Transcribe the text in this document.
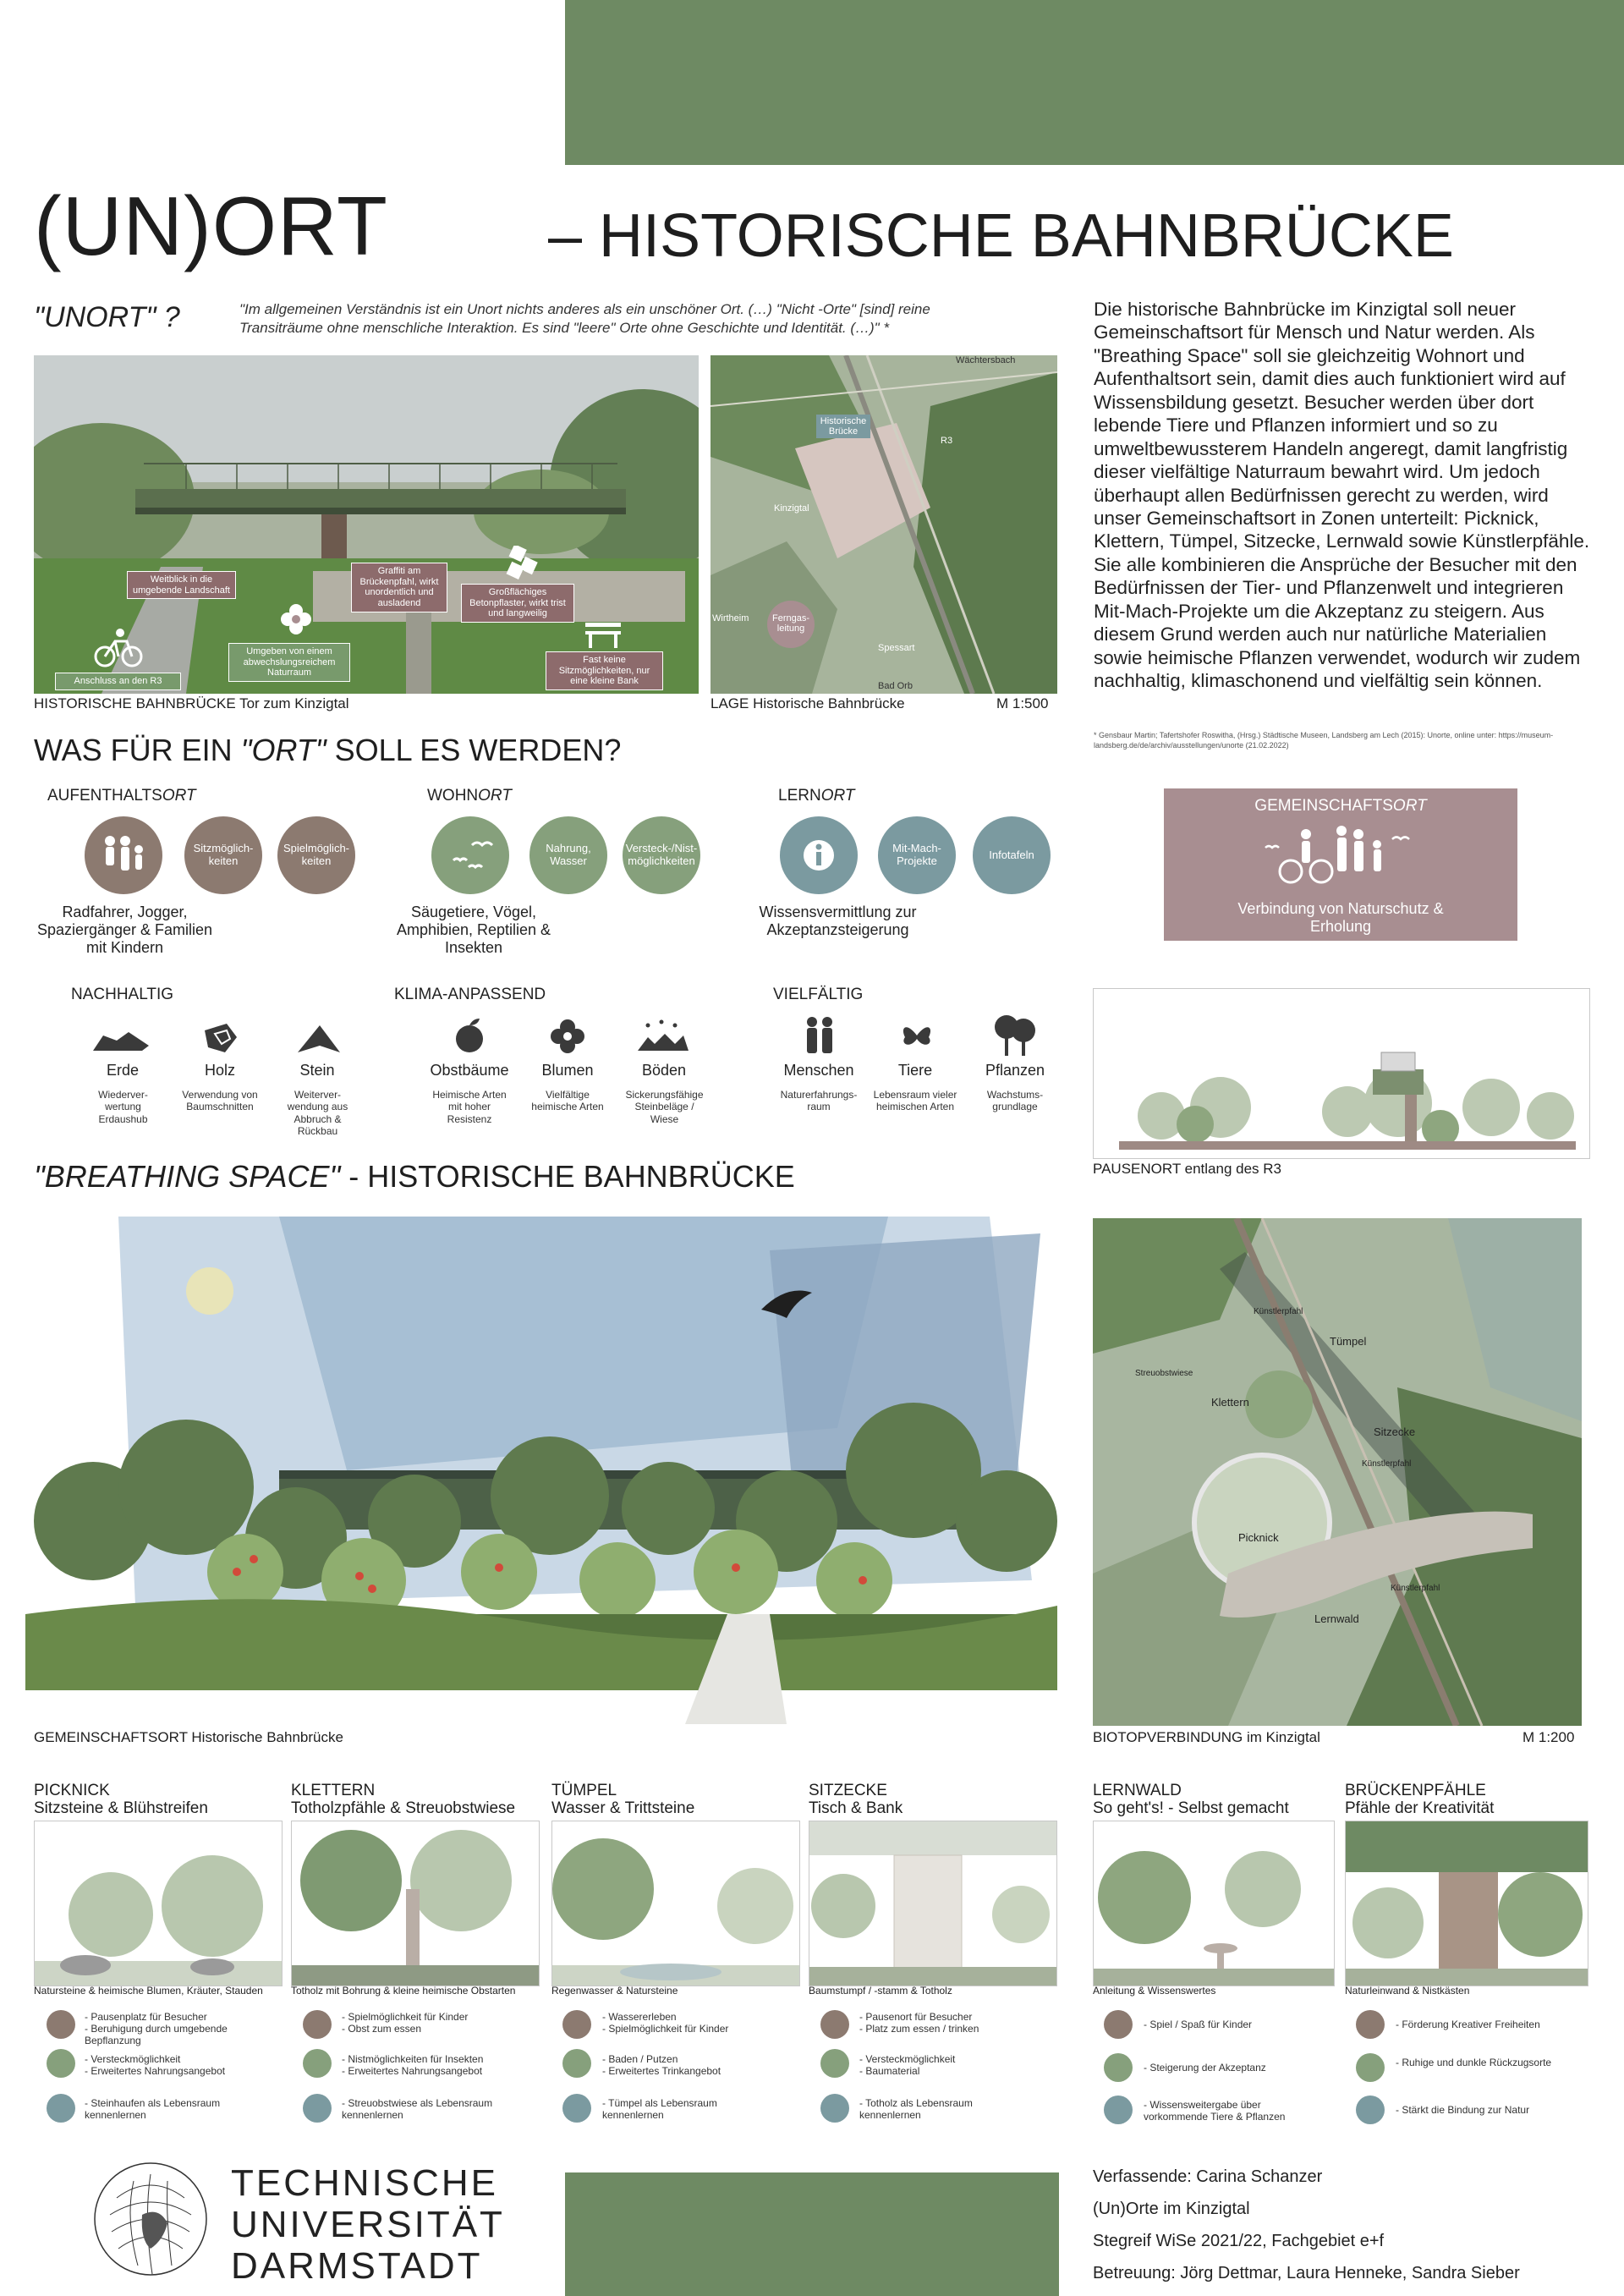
(UN)ORT	– HISTORISCHE BAHNBRÜCKE
"UNORT" ?	"Im allgemeinen Verständnis ist ein Unort nichts anderes als ein unschöner Ort. (…) "Nicht -Orte" [sind] reine
Transiträume ohne menschliche Interaktion. Es sind "leere" Orte ohne Geschichte und Identität. (…)" *
Die historische Bahnbrücke im Kinzigtal soll neuer Gemeinschaftsort für Mensch und Natur werden. Als "Breathing Space" soll sie gleichzeitig Wohnort und Aufenthaltsort sein, damit dies auch funktioniert wird auf Wissensbildung gesetzt. Besucher werden über dort lebende Tiere und Pflanzen informiert und so zu umweltbewussterem Handeln angeregt, damit langfristig dieser vielfältige Naturraum bewahrt wird. Um jedoch überhaupt allen Bedürfnissen gerecht zu werden, wird unser Gemeinschaftsort in Zonen unterteilt: Picknick, Klettern, Tümpel, Sitzecke, Lernwald sowie Künstlerpfähle. Sie alle kombinieren die Ansprüche der Besucher mit den Bedürfnissen der Tier- und Pflanzenwelt und integrieren Mit-Mach-Projekte um die Akzeptanz zu steigern. Aus diesem Grund werden auch nur natürliche Materialien sowie heimische Pflanzen verwendet, wodurch wir zudem nachhaltig, klimaschonend und vielfältig sein können.
* Gensbaur Martin; Tafertshofer Roswitha, (Hrsg.) Städtische Museen, Landsberg am Lech (2015): Unorte, online unter: https://museum-landsberg.de/de/archiv/ausstellungen/unorte (21.02.2022)
Weitblick in die umgebende Landschaft
Graffiti am Brückenpfahl, wirkt unordentlich und ausladend
Großflächiges Betonpflaster, wirkt trist und langweilig
Umgeben von einem abwechslungsreichem Naturraum
Anschluss an den R3
Fast keine Sitzmöglichkeiten, nur eine kleine Bank
HISTORISCHE BAHNBRÜCKE Tor zum Kinzigtal
Wächtersbach
Historische Brücke
R3
Kinzigtal
Wirtheim	Ferngas-leitung
Spessart
Bad Orb
LAGE Historische Bahnbrücke	M 1:500
WAS FÜR EIN "ORT" SOLL ES WERDEN?
AUFENTHALTSORT
Sitzmöglich-keiten
Spielmöglich-keiten
Radfahrer, Jogger, Spaziergänger & Familien mit Kindern
WOHNORT
Nahrung, Wasser
Versteck-/Nist-möglichkeiten
Säugetiere, Vögel, Amphibien, Reptilien & Insekten
LERNORT
Mit-Mach-Projekte	Infotafeln
Wissensvermittlung zur Akzeptanzsteigerung
GEMEINSCHAFTSORT
Verbindung von Naturschutz & Erholung
NACHHALTIG
Erde	Holz	Stein
Wiederver-wertung Erdaushub
Verwendung von Baumschnitten
Weiterver-wendung aus Abbruch & Rückbau
KLIMA-ANPASSEND
Obstbäume	Blumen	Böden
Heimische Arten mit hoher Resistenz
Vielfältige heimische Arten
Sickerungsfähige Steinbeläge / Wiese
VIELFÄLTIG
Menschen	Tiere	Pflanzen
Naturerfahrungs-raum
Lebensraum vieler heimischen Arten
Wachstums-grundlage
PAUSENORT entlang des R3
"BREATHING SPACE" - HISTORISCHE BAHNBRÜCKE
GEMEINSCHAFTSORT Historische Bahnbrücke
Künstlerpfahl
Tümpel
Streuobstwiese
Klettern
Sitzecke
Künstlerpfahl
Picknick
Künstlerpfahl
Lernwald
BIOTOPVERBINDUNG im Kinzigtal	M 1:200
PICKNICK
Sitzsteine & Blühstreifen
Natursteine & heimische Blumen, Kräuter, Stauden
KLETTERN
Totholzpfähle & Streuobstwiese
Totholz mit Bohrung & kleine heimische Obstarten
TÜMPEL
Wasser & Trittsteine
Regenwasser & Natursteine
SITZECKE
Tisch & Bank
Baumstumpf / -stamm & Totholz
LERNWALD
So geht's! - Selbst gemacht
Anleitung & Wissenswertes
BRÜCKENPFÄHLE
Pfähle der Kreativität
Naturleinwand & Nistkästen
- Pausenplatz für Besucher
- Beruhigung durch umgebende Bepflanzung
- Versteckmöglichkeit
- Erweitertes Nahrungsangebot
- Steinhaufen als Lebensraum kennenlernen
- Spielmöglichkeit für Kinder
- Obst zum essen
- Nistmöglichkeiten für Insekten
- Erweitertes Nahrungsangebot
- Streuobstwiese als Lebensraum kennenlernen
- Wassererleben
- Spielmöglichkeit für Kinder
- Baden / Putzen
- Erweitertes Trinkangebot
- Tümpel als Lebensraum kennenlernen
- Pausenort für Besucher
- Platz zum essen / trinken
- Versteckmöglichkeit
- Baumaterial
- Totholz als Lebensraum kennenlernen
- Spiel / Spaß für Kinder
- Steigerung der Akzeptanz
- Wissensweitergabe über vorkommende Tiere & Pflanzen
- Förderung Kreativer Freiheiten
- Ruhige und dunkle Rückzugsorte
- Stärkt die Bindung zur Natur
TECHNISCHE
UNIVERSITÄT
DARMSTADT
Verfassende: Carina Schanzer
(Un)Orte im Kinzigtal
Stegreif WiSe 2021/22, Fachgebiet e+f
Betreuung: Jörg Dettmar, Laura Henneke, Sandra Sieber
